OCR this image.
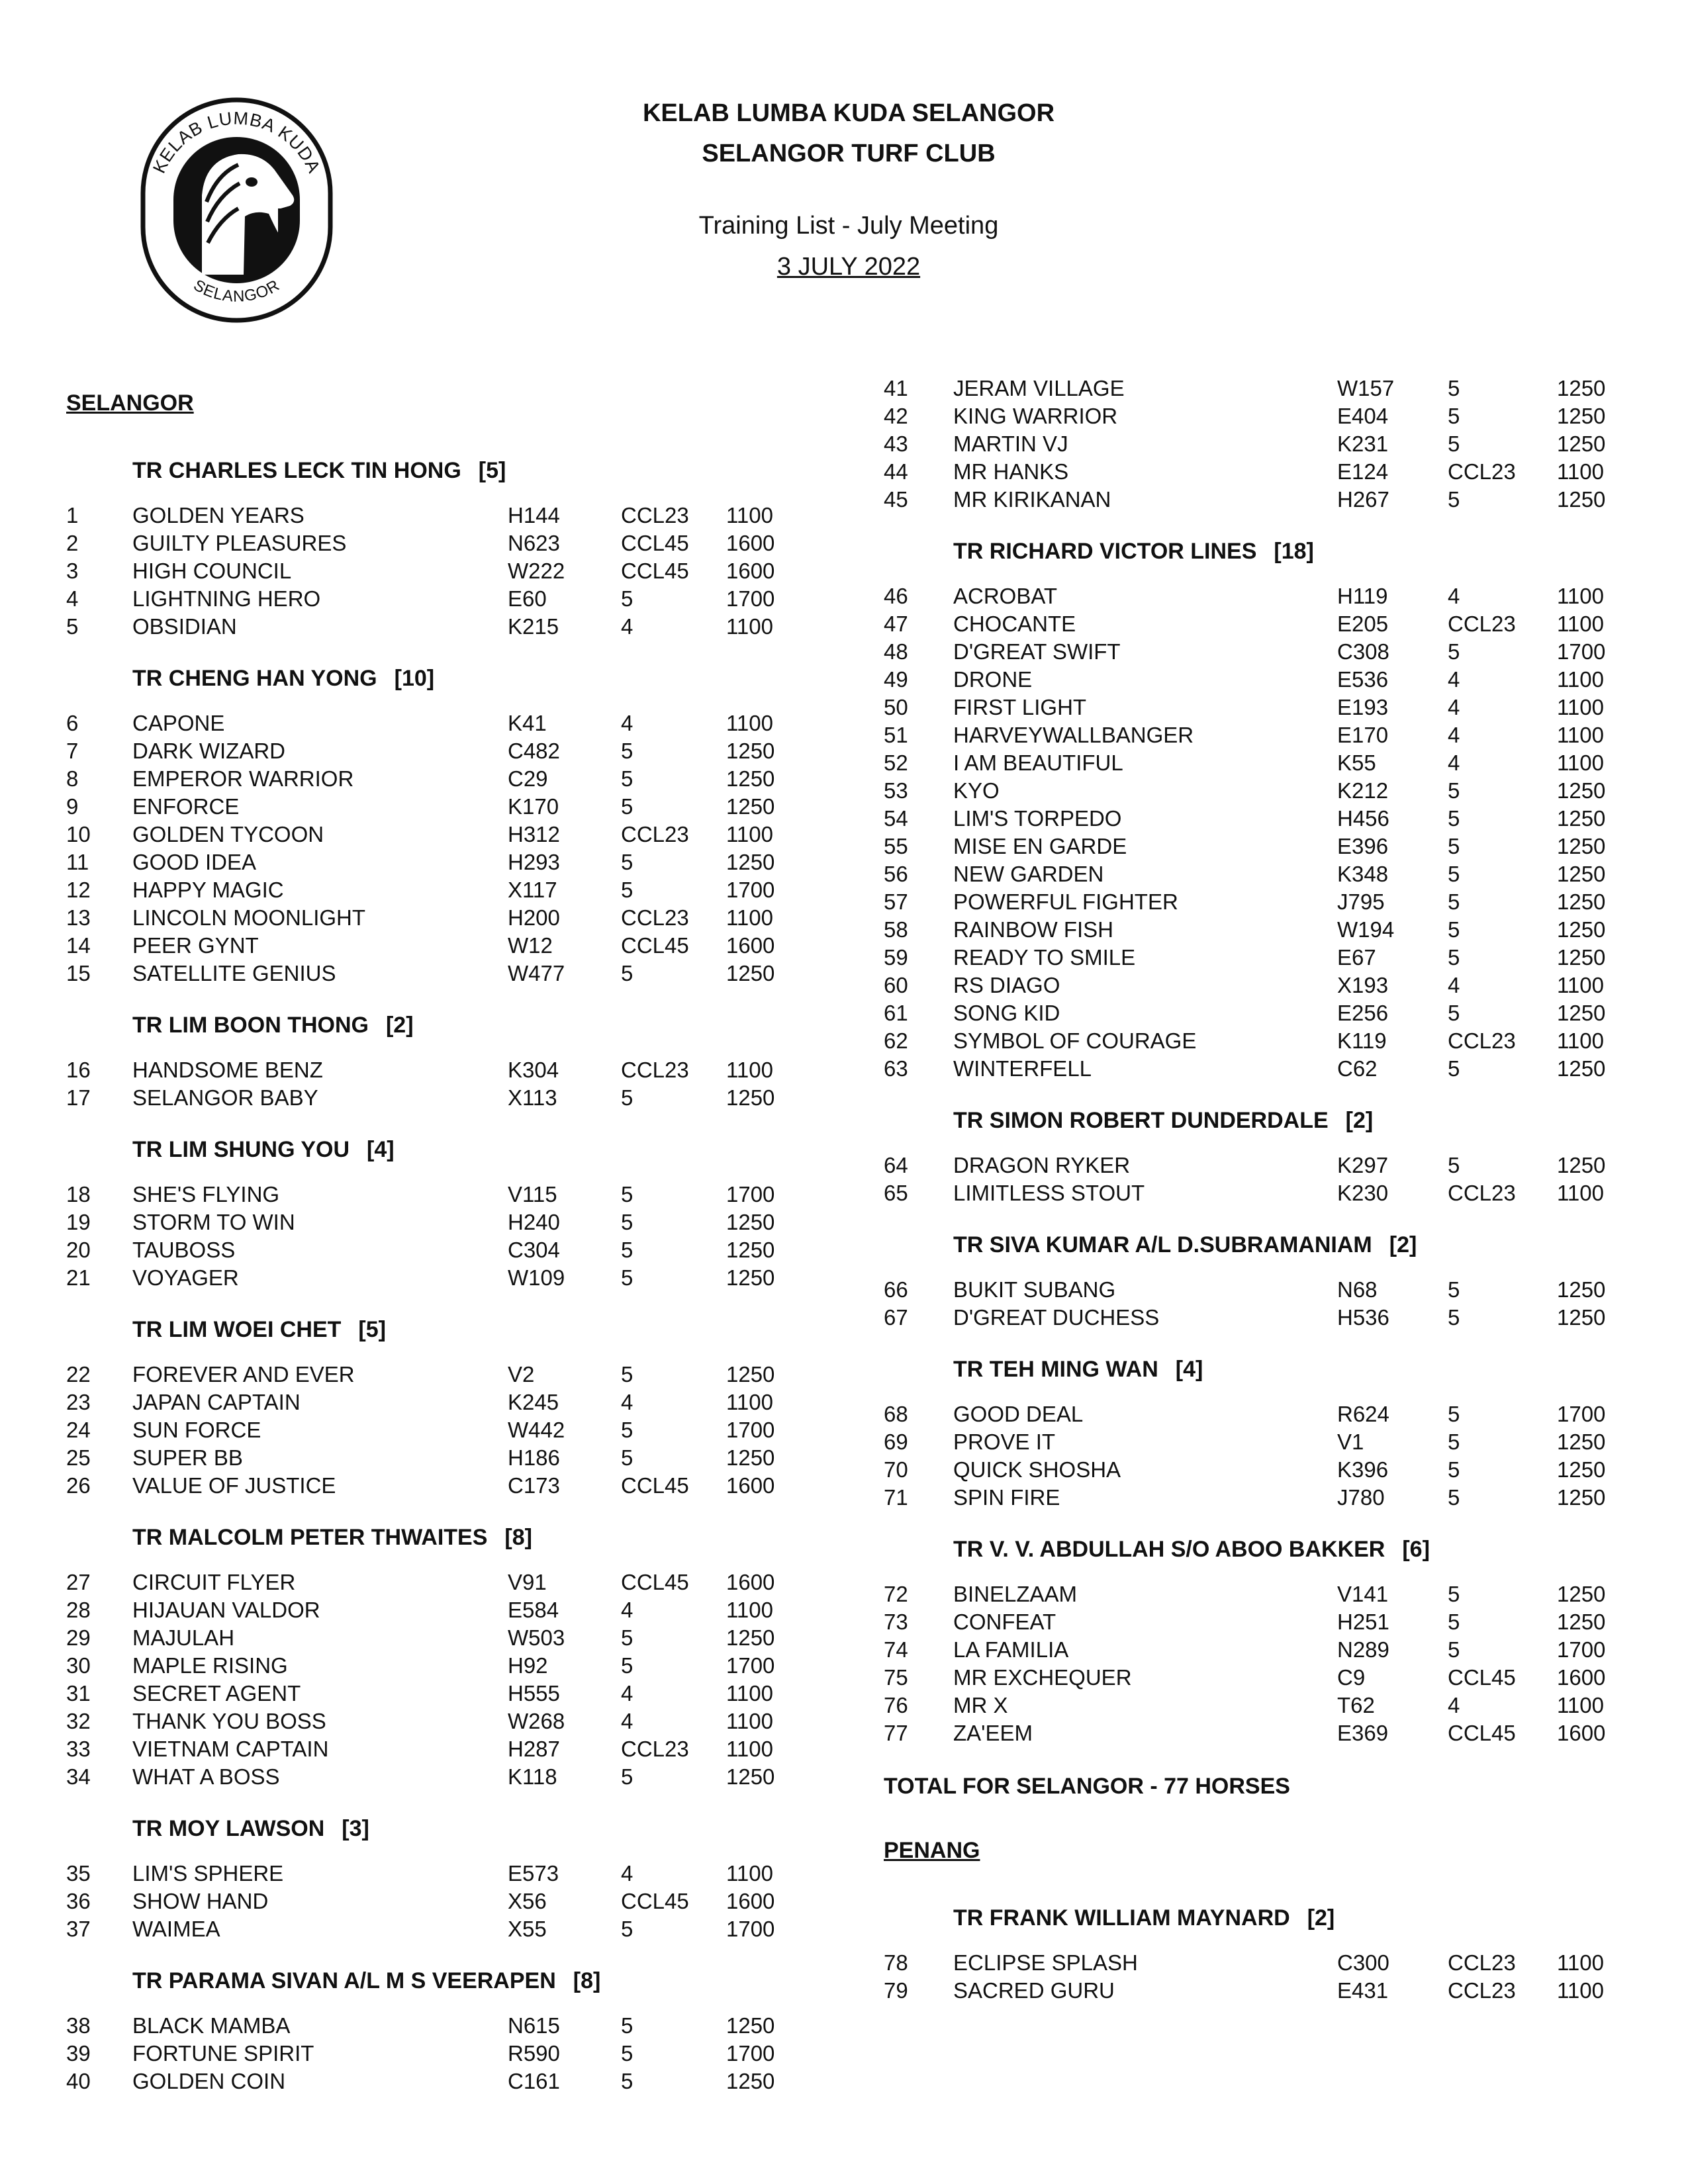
KELAB LUMBA KUDA
SELANGOR
KELAB LUMBA KUDA SELANGOR
SELANGOR TURF CLUB
Training List - July Meeting
3 JULY 2022
SELANGOR
TR CHARLES LECK TIN HONG [5]
1 GOLDEN YEARS	H144	CCL23 1100
2 GUILTY PLEASURES	N623	CCL45 1600
3 HIGH COUNCIL	W222	CCL45 1600
4 LIGHTNING HERO	E60	5	1700
5 OBSIDIAN	K215	4	1100
TR CHENG HAN YONG [10]
6 CAPONE	K41	4	1100
7 DARK WIZARD	C482	5	1250
8 EMPEROR WARRIOR	C29	5	1250
9 ENFORCE	K170	5	1250
10 GOLDEN TYCOON	H312	CCL23 1100
11 GOOD IDEA	H293	5	1250
12 HAPPY MAGIC	X117	5	1700
13 LINCOLN MOONLIGHT	H200	CCL23 1100
14 PEER GYNT	W12	CCL45 1600
15 SATELLITE GENIUS	W477	5	1250
TR LIM BOON THONG [2]
16 HANDSOME BENZ	K304	CCL23 1100
17 SELANGOR BABY	X113	5	1250
TR LIM SHUNG YOU [4]
18 SHE'S FLYING	V115	5	1700
19 STORM TO WIN	H240	5	1250
20 TAUBOSS	C304	5	1250
21 VOYAGER	W109	5	1250
TR LIM WOEI CHET [5]
22 FOREVER AND EVER	V2	5	1250
23 JAPAN CAPTAIN	K245	4	1100
24 SUN FORCE	W442	5	1700
25 SUPER BB	H186	5	1250
26 VALUE OF JUSTICE	C173	CCL45 1600
TR MALCOLM PETER THWAITES [8]
27 CIRCUIT FLYER	V91	CCL45 1600
28 HIJAUAN VALDOR	E584	4	1100
29 MAJULAH	W503	5	1250
30 MAPLE RISING	H92	5	1700
31 SECRET AGENT	H555	4	1100
32 THANK YOU BOSS	W268	4	1100
33 VIETNAM CAPTAIN	H287	CCL23 1100
34 WHAT A BOSS	K118	5	1250
TR MOY LAWSON [3]
35 LIM'S SPHERE	E573	4	1100
36 SHOW HAND	X56	CCL45 1600
37 WAIMEA	X55	5	1700
TR PARAMA SIVAN A/L M S VEERAPEN [8]
38 BLACK MAMBA	N615	5	1250
39 FORTUNE SPIRIT	R590	5	1700
40 GOLDEN COIN	C161	5	1250
41 JERAM VILLAGE	W157 5	1250
42 KING WARRIOR	E404	5	1250
43 MARTIN VJ	K231	5	1250
44 MR HANKS	E124	CCL23 1100
45 MR KIRIKANAN	H267	5	1250
TR RICHARD VICTOR LINES [18]
46 ACROBAT	H119	4	1100
47 CHOCANTE	E205	CCL23 1100
48 D'GREAT SWIFT	C308	5	1700
49 DRONE	E536	4	1100
50 FIRST LIGHT	E193	4	1100
51 HARVEYWALLBANGER	E170	4	1100
52 I AM BEAUTIFUL	K55	4	1100
53 KYO	K212	5	1250
54 LIM'S TORPEDO	H456	5	1250
55 MISE EN GARDE	E396	5	1250
56 NEW GARDEN	K348	5	1250
57 POWERFUL FIGHTER	J795	5	1250
58 RAINBOW FISH	W194 5	1250
59 READY TO SMILE	E67	5	1250
60 RS DIAGO	X193	4	1100
61 SONG KID	E256	5	1250
62 SYMBOL OF COURAGE	K119	CCL23 1100
63 WINTERFELL	C62	5	1250
TR SIMON ROBERT DUNDERDALE [2]
64 DRAGON RYKER	K297	5	1250
65 LIMITLESS STOUT	K230	CCL23 1100
TR SIVA KUMAR A/L D.SUBRAMANIAM [2]
66 BUKIT SUBANG	N68	5	1250
67 D'GREAT DUCHESS	H536	5	1250
TR TEH MING WAN [4]
68 GOOD DEAL	R624	5	1700
69 PROVE IT	V1	5	1250
70 QUICK SHOSHA	K396	5	1250
71 SPIN FIRE	J780	5	1250
TR V. V. ABDULLAH S/O ABOO BAKKER [6]
72 BINELZAAM	V141	5	1250
73 CONFEAT	H251	5	1250
74 LA FAMILIA	N289	5	1700
75 MR EXCHEQUER	C9	CCL45 1600
76 MR X	T62	4	1100
77 ZA'EEM	E369	CCL45 1600
TOTAL FOR SELANGOR - 77 HORSES
PENANG
TR FRANK WILLIAM MAYNARD [2]
78 ECLIPSE SPLASH	C300	CCL23 1100
79 SACRED GURU	E431	CCL23 1100
